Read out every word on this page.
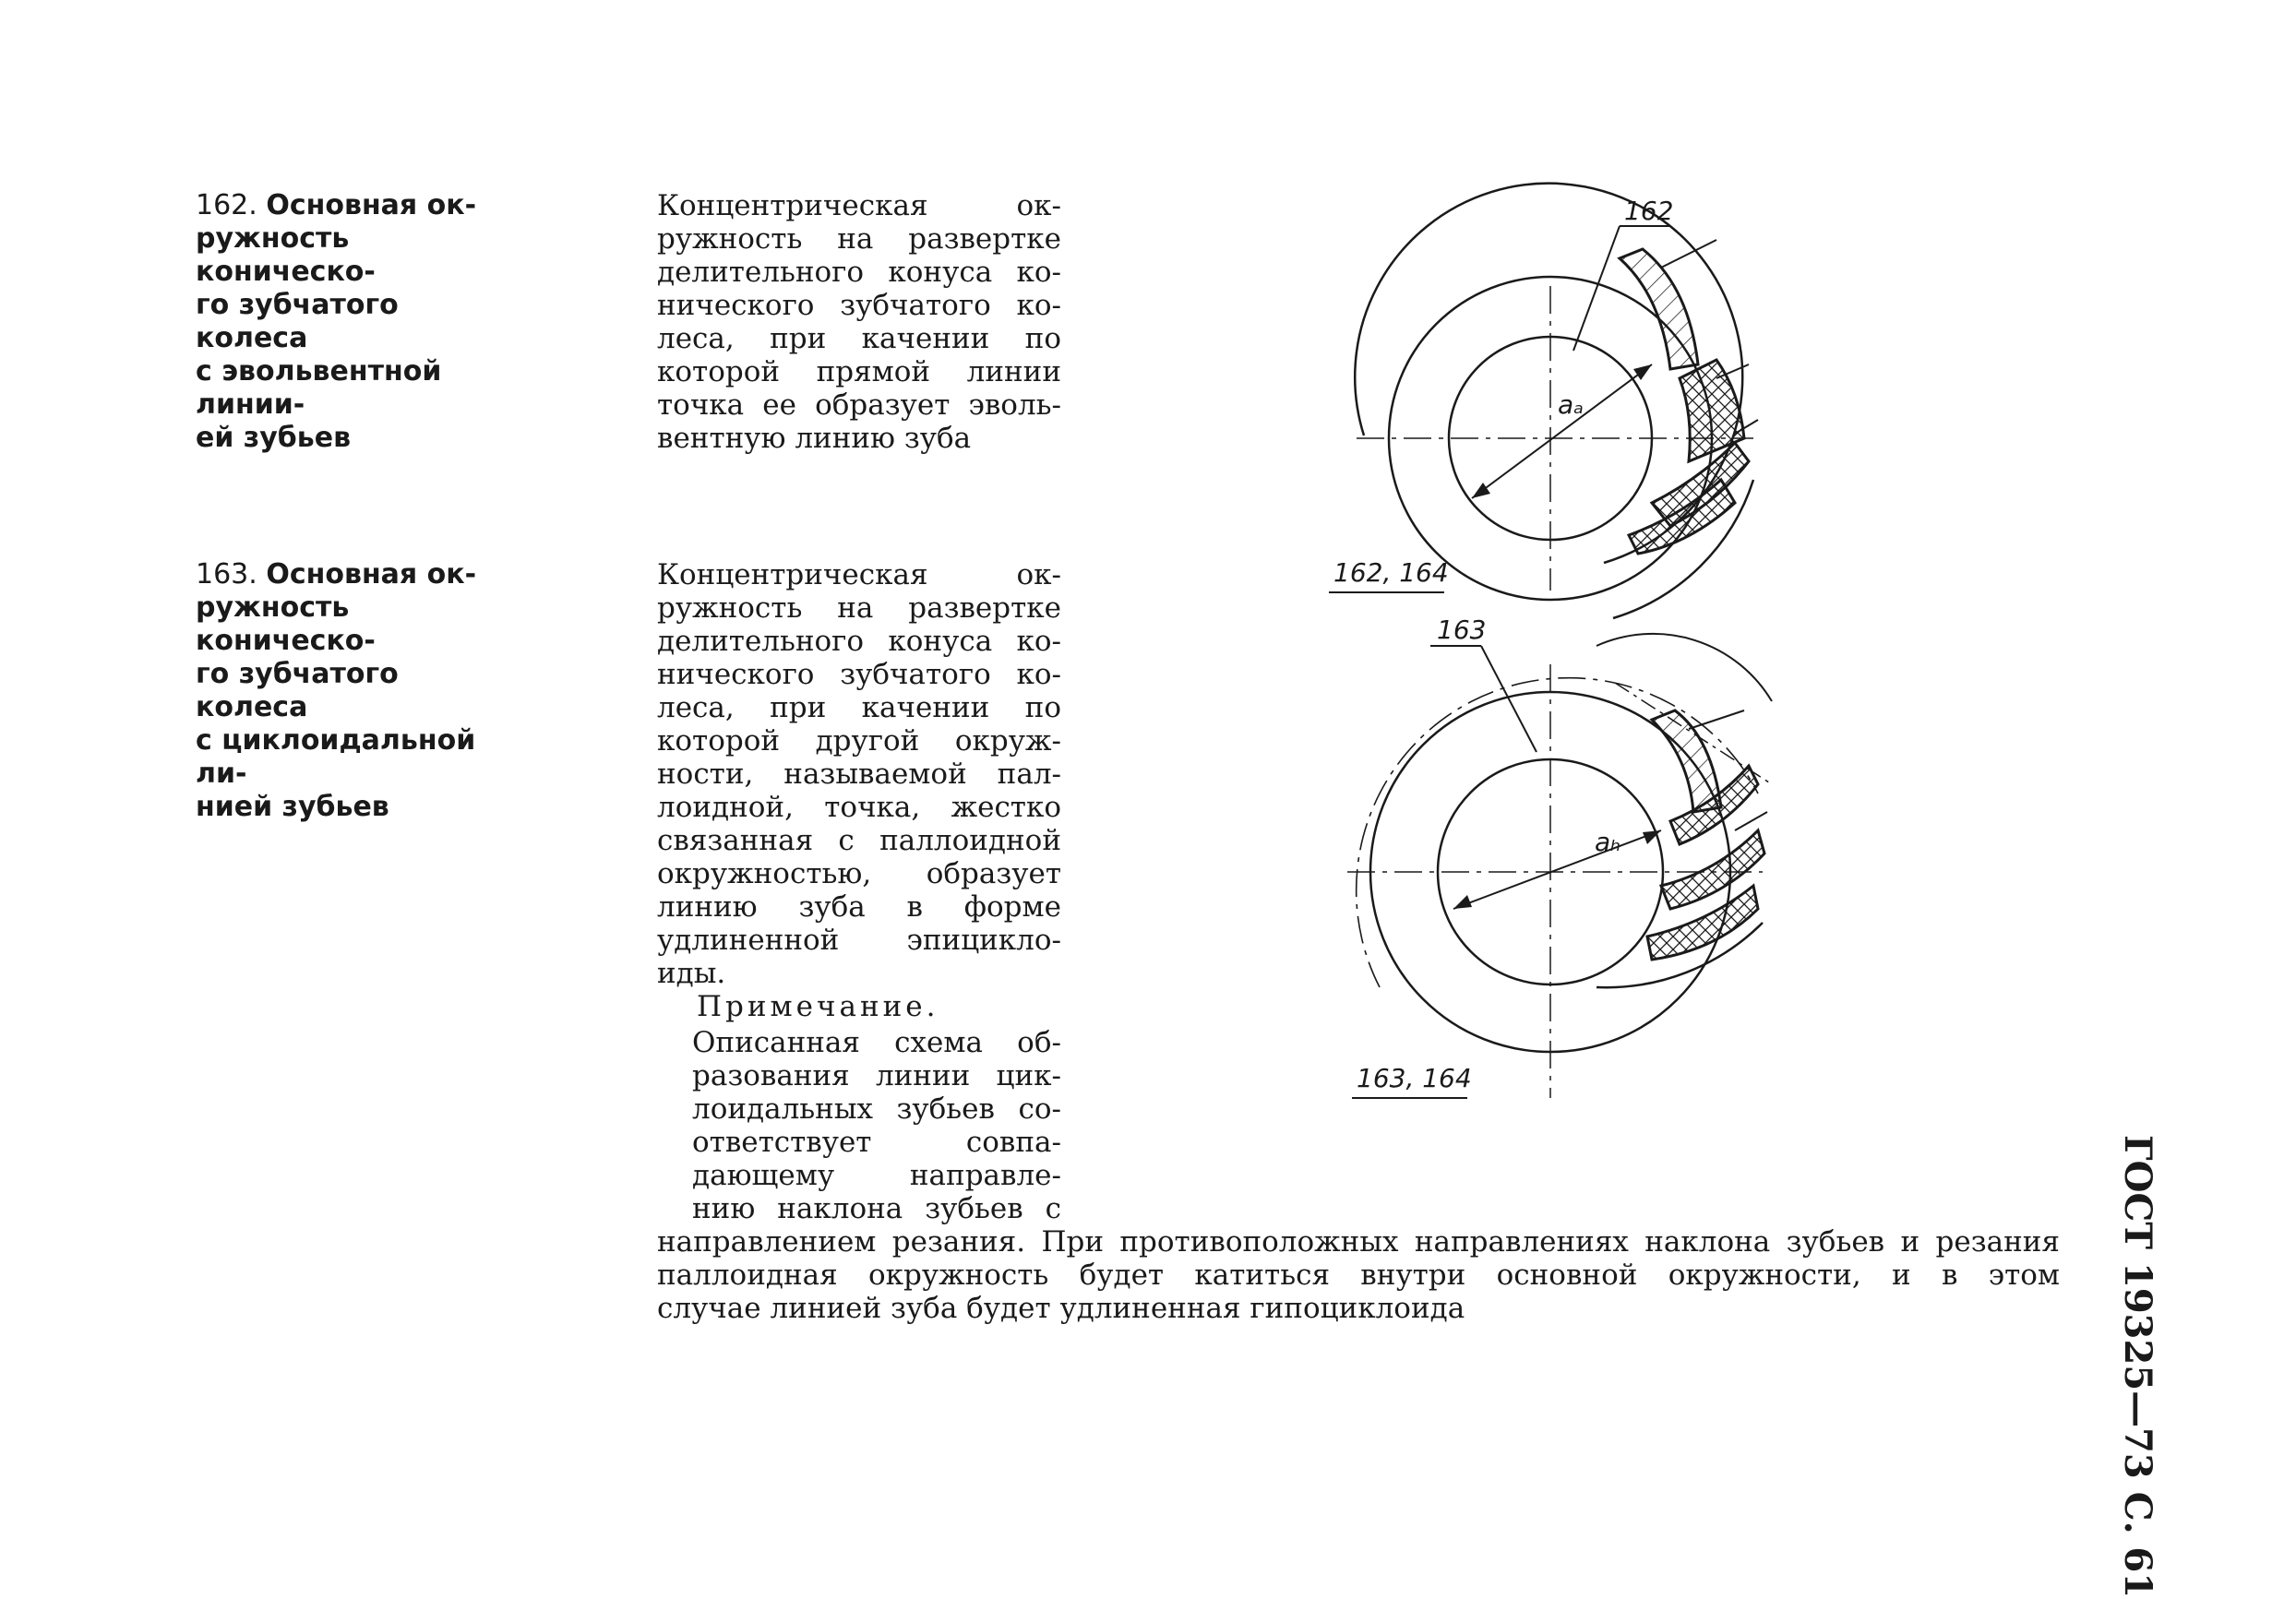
162. Основная ок-
ружность коническо-
го зубчатого колеса
с эвольвентной линии-
ей зубьев
Концентрическая ок-
ружность на развертке
делительного конуса ко-
нического зубчатого ко-
леса, при качении по
которой прямой линии
точка ее образует эволь-
вентную линию зуба
163. Основная ок-
ружность коническо-
го зубчатого колеса
с циклоидальной ли-
нией зубьев
Концентрическая ок-
ружность на развертке
делительного конуса ко-
нического зубчатого ко-
леса, при качении по
которой другой окруж-
ности, называемой пал-
лоидной, точка, жестко
связанная с паллоидной
окружностью, образует
линию зуба в форме
удлиненной эпицикло-
иды.
Примечание.
Описанная схема об-
разования линии цик-
лоидальных зубьев со-
ответствует совпа-
дающему направле-
нию наклона зубьев с
направлением резания. При противоположных направлениях наклона зубьев и резания
паллоидная окружность будет катиться внутри основной окружности, и в этом
случае линией зуба будет удлиненная гипоциклоида	ГОСТ 19325—73 С. 61
162
aₐ
162, 164
163
aₕ
163, 164
